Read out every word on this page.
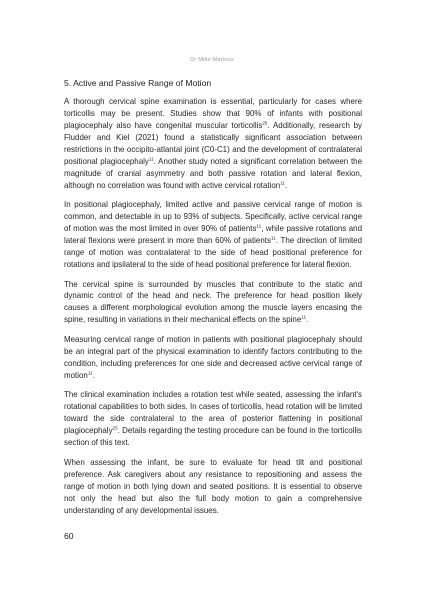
Dr Mike Marinus
5. Active and Passive Range of Motion

A thorough cervical spine examination is essential, particularly for cases where torticollis may be present. Studies show that 90% of infants with positional plagiocephaly also have congenital muscular torticollis$^{25}$. Additionally, research by Fludder and Kiel (2021) found a statistically significant association between restrictions in the occipito-atlantal joint (C0-C1) and the development of contralateral positional plagiocephaly$^{11}$. Another study noted a significant correlation between the magnitude of cranial asymmetry and both passive rotation and lateral flexion, although no correlation was found with active cervical rotation$^{11}$.

In positional plagiocephaly, limited active and passive cervical range of motion is common, and detectable in up to 93% of subjects. Specifically, active cervical range of motion was the most limited in over 90% of patients$^{11}$, while passive rotations and lateral flexions were present in more than 60% of patients$^{11}$. The direction of limited range of motion was contralateral to the side of head positional preference for rotations and ipsilateral to the side of head positional preference for lateral flexion.

The cervical spine is surrounded by muscles that contribute to the static and dynamic control of the head and neck. The preference for head position likely causes a different morphological evolution among the muscle layers encasing the spine, resulting in variations in their mechanical effects on the spine$^{11}$.

Measuring cervical range of motion in patients with positional plagiocephaly should be an integral part of the physical examination to identify factors contributing to the condition, including preferences for one side and decreased active cervical range of motion$^{11}$.

The clinical examination includes a rotation test while seated, assessing the infant's rotational capabilities to both sides. In cases of torticollis, head rotation will be limited toward the side contralateral to the area of posterior flattening in positional plagiocephaly$^{25}$. Details regarding the testing procedure can be found in the torticollis section of this text.

When assessing the infant, be sure to evaluate for head tilt and positional preference. Ask caregivers about any resistance to repositioning and assess the range of motion in both lying down and seated positions. It is essential to observe not only the head but also the full body motion to gain a comprehensive understanding of any developmental issues.

60
